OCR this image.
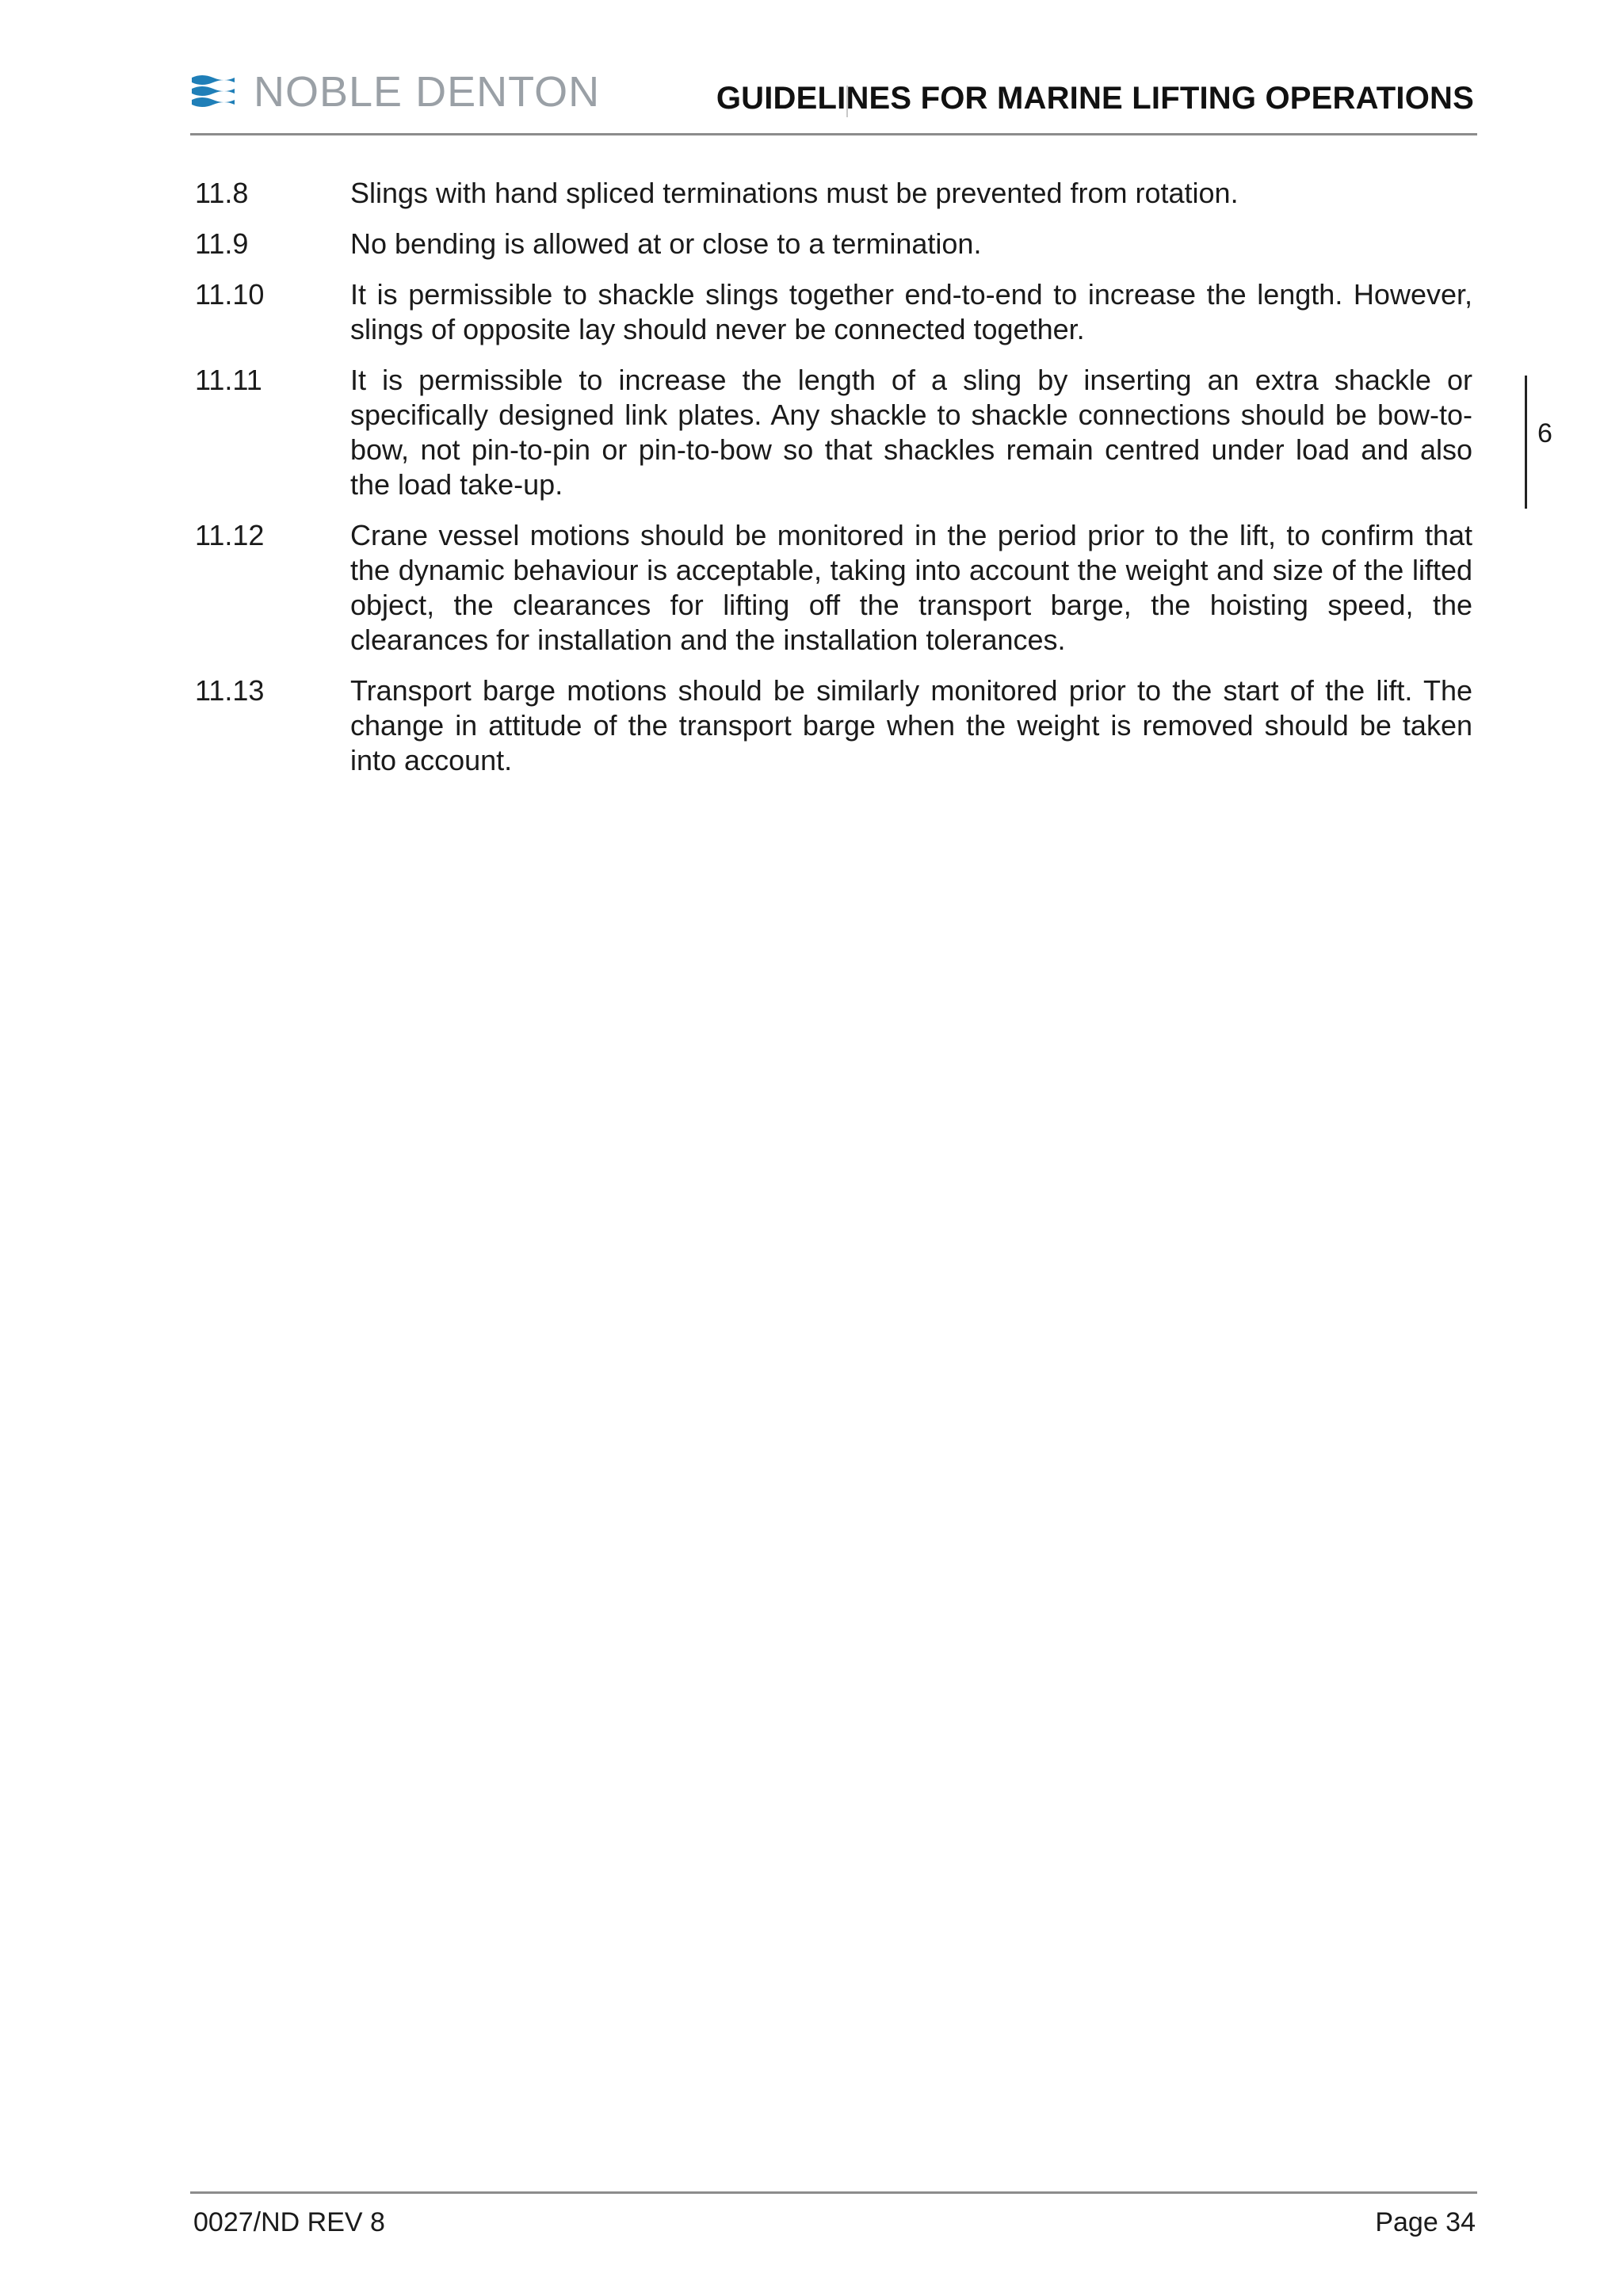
NOBLE DENTON	GUIDELINES FOR MARINE LIFTING OPERATIONS
11.8	Slings with hand spliced terminations must be prevented from rotation.
11.9	No bending is allowed at or close to a termination.
11.10	It is permissible to shackle slings together end-to-end to increase the length. However, slings of opposite lay should never be connected together.
11.11	It is permissible to increase the length of a sling by inserting an extra shackle or specifically designed link plates. Any shackle to shackle connections should be bow-to-bow, not pin-to-pin or pin-to-bow so that shackles remain centred under load and also the load take-up.
11.12	Crane vessel motions should be monitored in the period prior to the lift, to confirm that the dynamic behaviour is acceptable, taking into account the weight and size of the lifted object, the clearances for lifting off the transport barge, the hoisting speed, the clearances for installation and the installation tolerances.
11.13	Transport barge motions should be similarly monitored prior to the start of the lift. The change in attitude of the transport barge when the weight is removed should be taken into account.
6
0027/ND REV 8	Page 34
